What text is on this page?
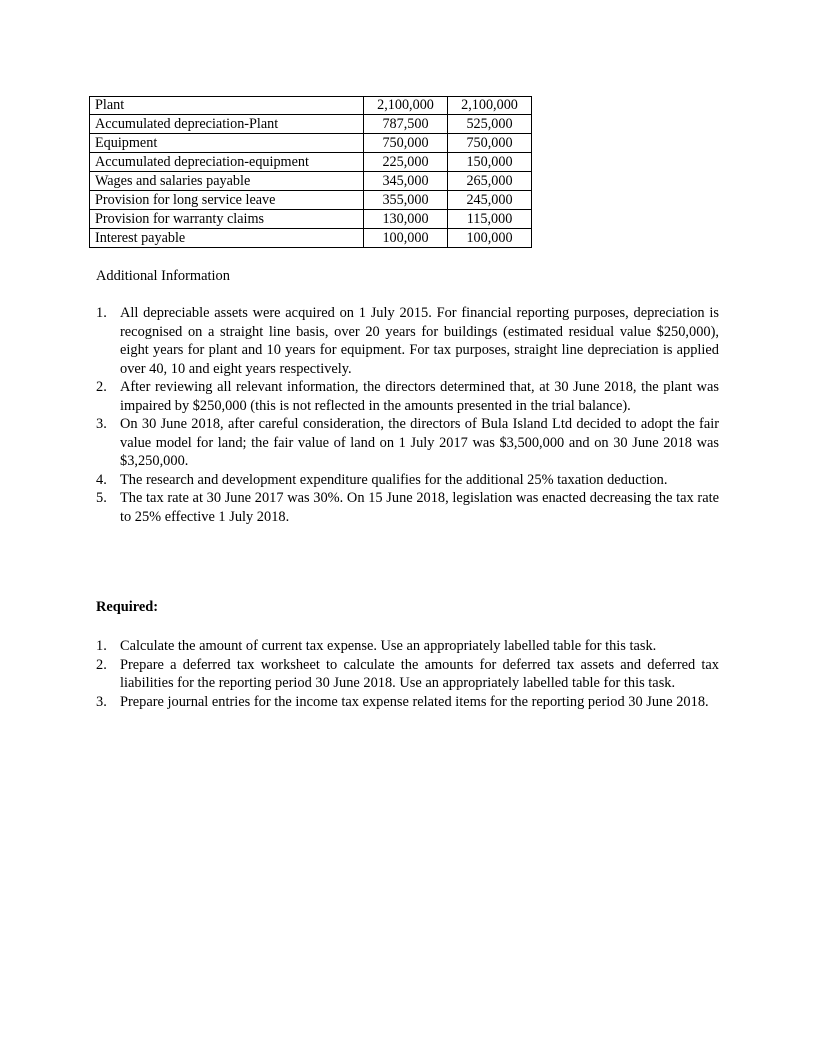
Plant	2,100,000	2,100,000
Accumulated depreciation-Plant	787,500	525,000
Equipment	750,000	750,000
Accumulated depreciation-equipment	225,000	150,000
Wages and salaries payable	345,000	265,000
Provision for long service leave	355,000	245,000
Provision for warranty claims	130,000	115,000
Interest payable	100,000	100,000
Additional Information
1. All depreciable assets were acquired on 1 July 2015. For financial reporting purposes, depreciation is recognised on a straight line basis, over 20 years for buildings (estimated residual value $250,000), eight years for plant and 10 years for equipment. For tax purposes, straight line depreciation is applied over 40, 10 and eight years respectively.
2. After reviewing all relevant information, the directors determined that, at 30 June 2018, the plant was impaired by $250,000 (this is not reflected in the amounts presented in the trial balance).
3. On 30 June 2018, after careful consideration, the directors of Bula Island Ltd decided to adopt the fair value model for land; the fair value of land on 1 July 2017 was $3,500,000 and on 30 June 2018 was $3,250,000.
4. The research and development expenditure qualifies for the additional 25% taxation deduction.
5. The tax rate at 30 June 2017 was 30%. On 15 June 2018, legislation was enacted decreasing the tax rate to 25% effective 1 July 2018.
Required:
1. Calculate the amount of current tax expense. Use an appropriately labelled table for this task.
2. Prepare a deferred tax worksheet to calculate the amounts for deferred tax assets and deferred tax liabilities for the reporting period 30 June 2018. Use an appropriately labelled table for this task.
3. Prepare journal entries for the income tax expense related items for the reporting period 30 June 2018.
